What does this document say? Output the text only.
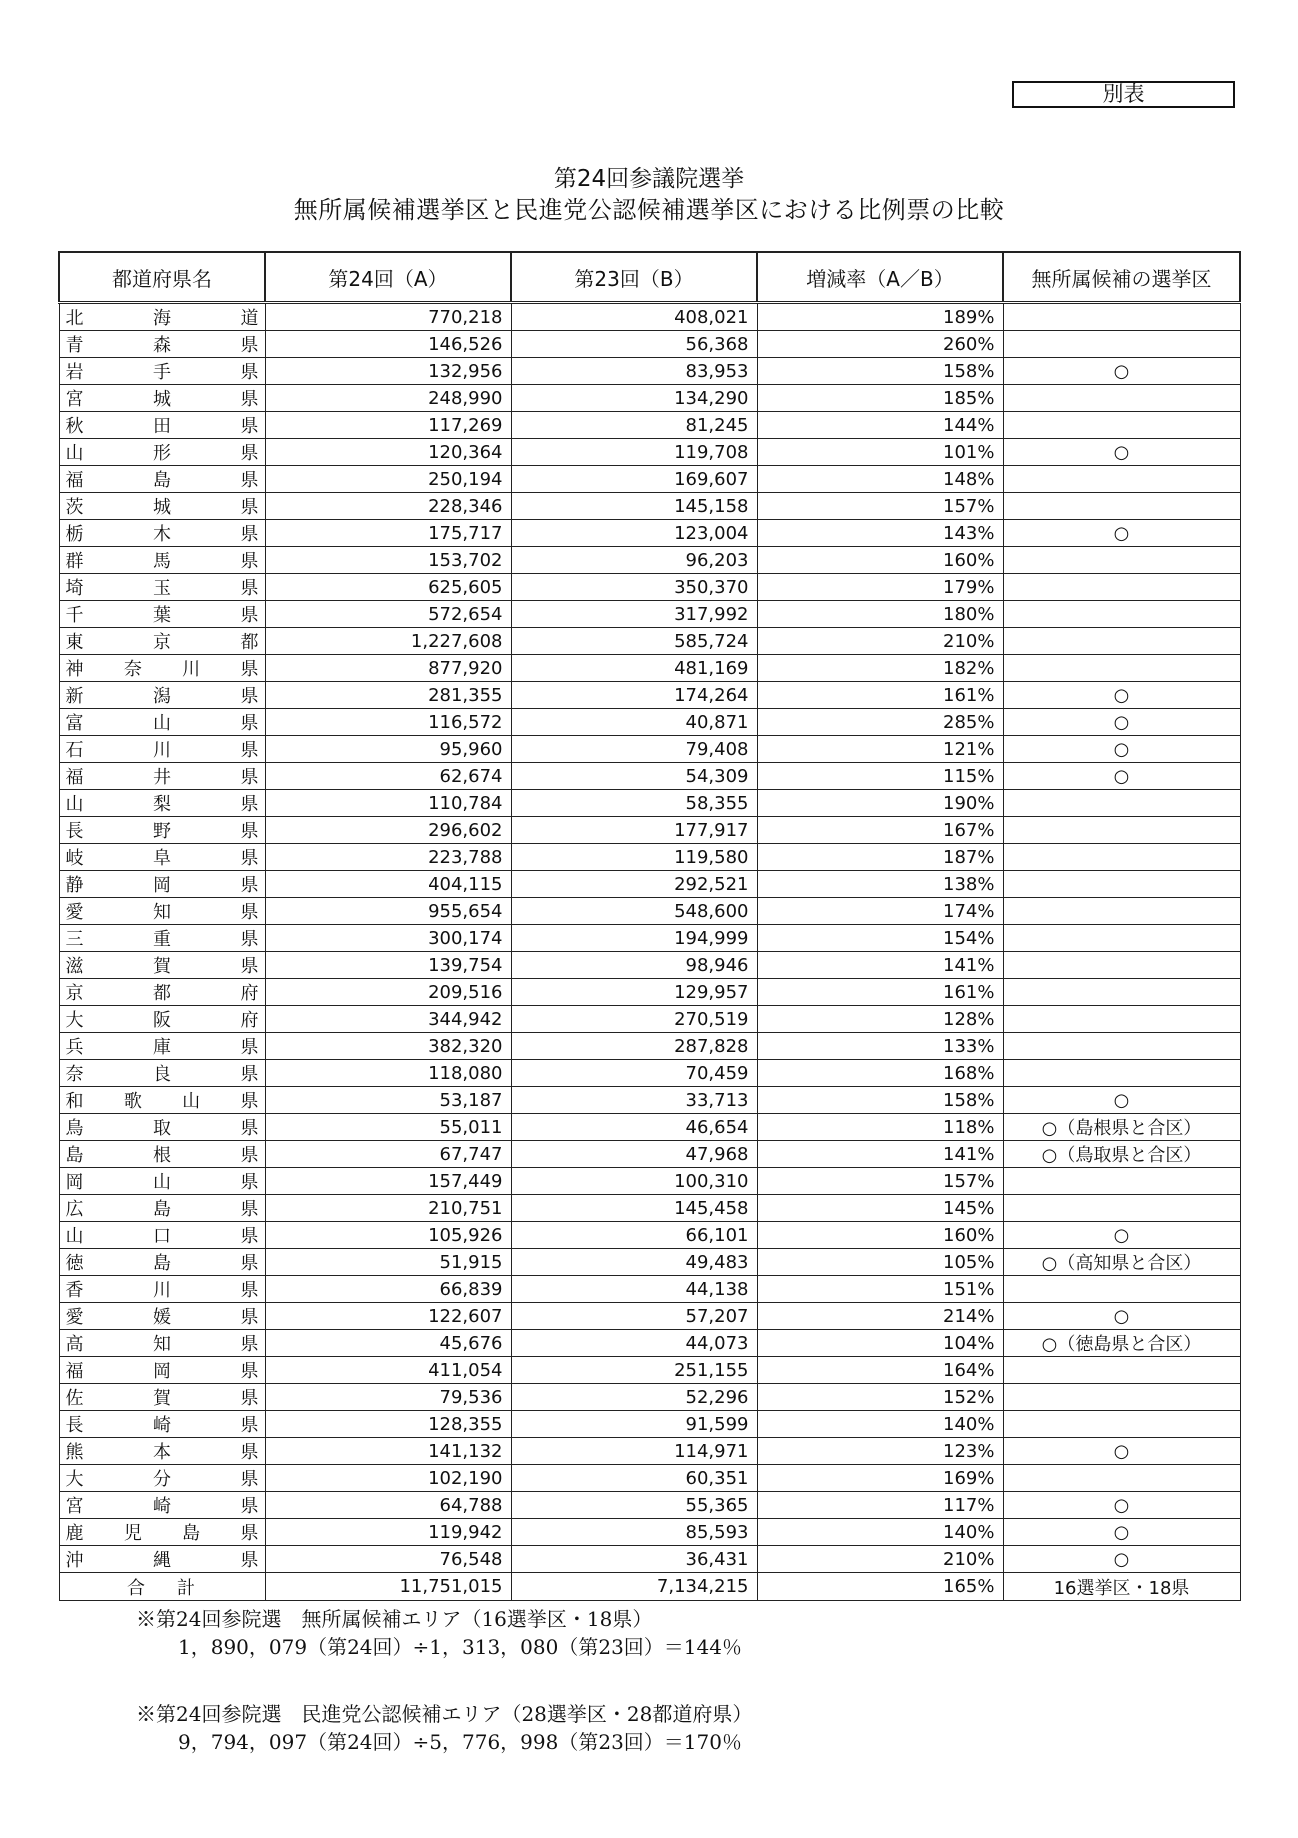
別表
第24回参議院選挙
無所属候補選挙区と民進党公認候補選挙区における比例票の比較
都道府県名	第24回（A）	第23回（B）	増減率（A／B）	無所属候補の選挙区

北 海 道	770,218	408,021	189%	

青 森 県	146,526	56,368	260%	

岩 手 県	132,956	83,953	158%	○

宮 城 県	248,990	134,290	185%	

秋 田 県	117,269	81,245	144%	

山 形 県	120,364	119,708	101%	○

福 島 県	250,194	169,607	148%	

茨 城 県	228,346	145,158	157%	

栃 木 県	175,717	123,004	143%	○

群 馬 県	153,702	96,203	160%	

埼 玉 県	625,605	350,370	179%	

千 葉 県	572,654	317,992	180%	

東 京 都	1,227,608	585,724	210%	

神 奈 川 県	877,920	481,169	182%	

新 潟 県	281,355	174,264	161%	○

富 山 県	116,572	40,871	285%	○

石 川 県	95,960	79,408	121%	○

福 井 県	62,674	54,309	115%	○

山 梨 県	110,784	58,355	190%	

長 野 県	296,602	177,917	167%	

岐 阜 県	223,788	119,580	187%	

静 岡 県	404,115	292,521	138%	

愛 知 県	955,654	548,600	174%	

三 重 県	300,174	194,999	154%	

滋 賀 県	139,754	98,946	141%	

京 都 府	209,516	129,957	161%	

大 阪 府	344,942	270,519	128%	

兵 庫 県	382,320	287,828	133%	

奈 良 県	118,080	70,459	168%	

和 歌 山 県	53,187	33,713	158%	○

鳥 取 県	55,011	46,654	118%	○（島根県と合区）

島 根 県	67,747	47,968	141%	○（鳥取県と合区）

岡 山 県	157,449	100,310	157%	

広 島 県	210,751	145,458	145%	

山 口 県	105,926	66,101	160%	○

徳 島 県	51,915	49,483	105%	○（高知県と合区）

香 川 県	66,839	44,138	151%	

愛 媛 県	122,607	57,207	214%	○

高 知 県	45,676	44,073	104%	○（徳島県と合区）

福 岡 県	411,054	251,155	164%	

佐 賀 県	79,536	52,296	152%	

長 崎 県	128,355	91,599	140%	

熊 本 県	141,132	114,971	123%	○

大 分 県	102,190	60,351	169%	

宮 崎 県	64,788	55,365	117%	○

鹿 児 島 県	119,942	85,593	140%	○

沖 縄 県	76,548	36,431	210%	○
合計	11,751,015	7,134,215	165%	16選挙区・18県
※第24回参院選　無所属候補エリア（16選挙区・18県）
1，890，079（第24回）÷1，313，080（第23回）＝144％
※第24回参院選　民進党公認候補エリア（28選挙区・28都道府県）
9，794，097（第24回）÷5，776，998（第23回）＝170％
